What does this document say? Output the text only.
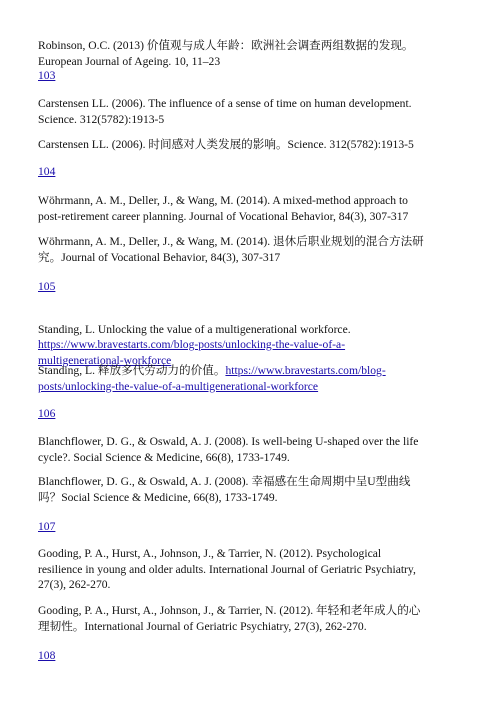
Robinson, O.C. (2013) 价值观与成人年龄：欧洲社会调查两组数据的发现。
European Journal of Ageing. 10, 11–23
103
Carstensen LL. (2006). The influence of a sense of time on human development.
Science. 312(5782):1913-5
Carstensen LL. (2006). 时间感对人类发展的影响。Science. 312(5782):1913-5
104
Wöhrmann, A. M., Deller, J., & Wang, M. (2014). A mixed-method approach to
post-retirement career planning. Journal of Vocational Behavior, 84(3), 307-317
Wöhrmann, A. M., Deller, J., & Wang, M. (2014). 退休后职业规划的混合方法研
究。Journal of Vocational Behavior, 84(3), 307-317
105

Standing, L. Unlocking the value of a multigenerational workforce.
https://www.bravestarts.com/blog-posts/unlocking-the-value-of-a-
multigenerational-workforce

Standing, L. 释放多代劳动力的价值。https://www.bravestarts.com/blog-
posts/unlocking-the-value-of-a-multigenerational-workforce
106
Blanchflower, D. G., & Oswald, A. J. (2008). Is well-being U-shaped over the life
cycle?. Social Science & Medicine, 66(8), 1733-1749.
Blanchflower, D. G., & Oswald, A. J. (2008). 幸福感在生命周期中呈U型曲线
吗？Social Science & Medicine, 66(8), 1733-1749.
107
Gooding, P. A., Hurst, A., Johnson, J., & Tarrier, N. (2012). Psychological
resilience in young and older adults. International Journal of Geriatric Psychiatry,
27(3), 262-270.
Gooding, P. A., Hurst, A., Johnson, J., & Tarrier, N. (2012). 年轻和老年成人的心
理韧性。International Journal of Geriatric Psychiatry, 27(3), 262-270.
108
